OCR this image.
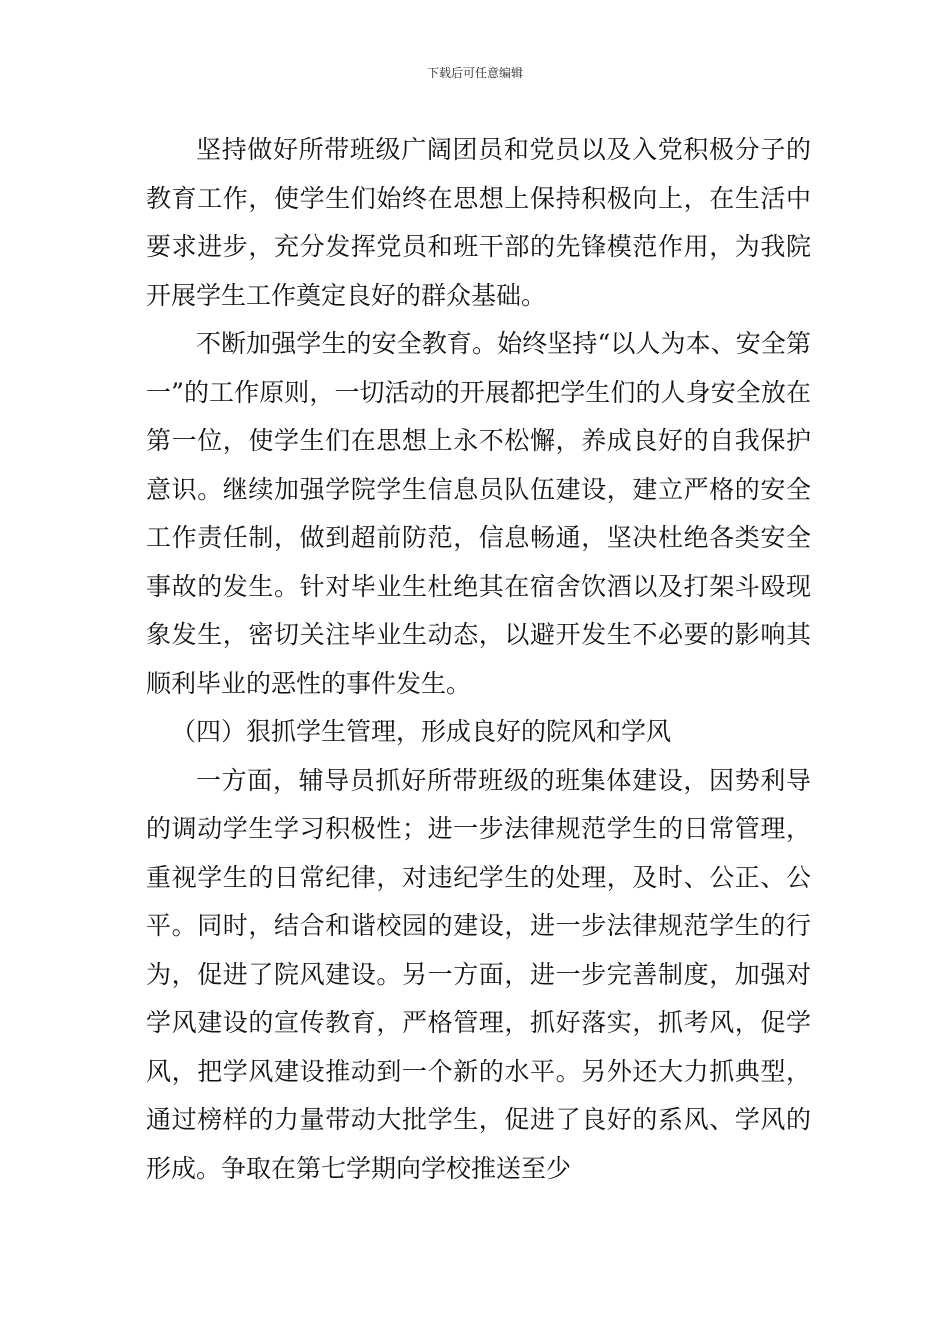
下载后可任意编辑

坚持做好所带班级广阔团员和党员以及入党积极分子的教育工作，使学生们始终在思想上保持积极向上，在生活中要求进步，充分发挥党员和班干部的先锋模范作用，为我院开展学生工作奠定良好的群众基础。

不断加强学生的安全教育。始终坚持“以人为本、安全第一”的工作原则，一切活动的开展都把学生们的人身安全放在第一位，使学生们在思想上永不松懈，养成良好的自我保护意识。继续加强学院学生信息员队伍建设，建立严格的安全工作责任制，做到超前防范，信息畅通，坚决杜绝各类安全事故的发生。针对毕业生杜绝其在宿舍饮酒以及打架斗殴现象发生，密切关注毕业生动态，以避开发生不必要的影响其顺利毕业的恶性的事件发生。

（四）狠抓学生管理，形成良好的院风和学风

一方面，辅导员抓好所带班级的班集体建设，因势利导的调动学生学习积极性；进一步法律规范学生的日常管理，重视学生的日常纪律，对违纪学生的处理，及时、公正、公平。同时，结合和谐校园的建设，进一步法律规范学生的行为，促进了院风建设。另一方面，进一步完善制度，加强对学风建设的宣传教育，严格管理，抓好落实，抓考风，促学风，把学风建设推动到一个新的水平。另外还大力抓典型，通过榜样的力量带动大批学生，促进了良好的系风、学风的形成。争取在第七学期向学校推送至少
